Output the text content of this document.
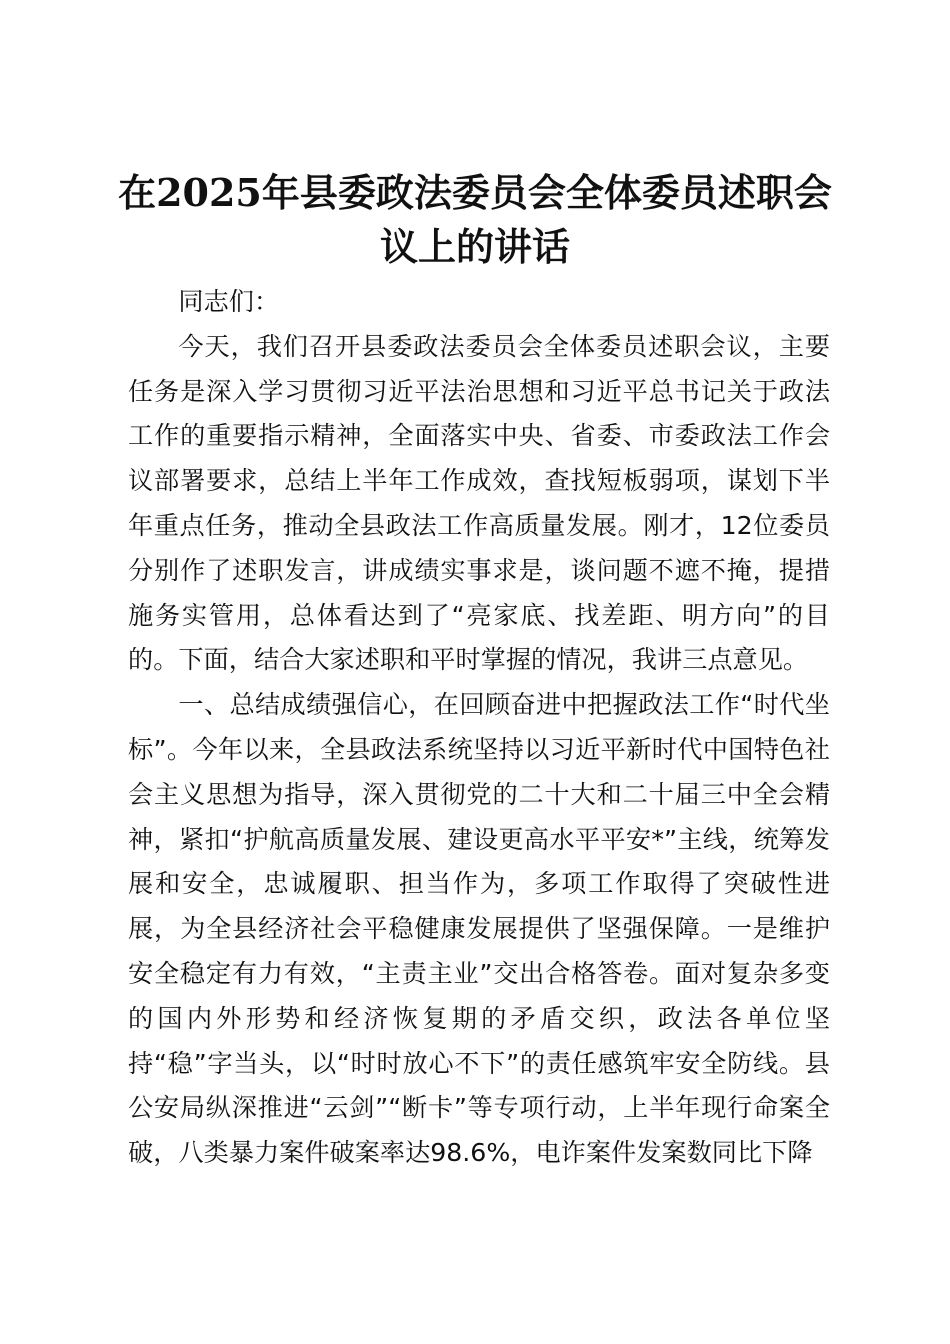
在2025年县委政法委员会全体委员述职会议上的讲话

同志们：

今天，我们召开县委政法委员会全体委员述职会议，主要任务是深入学习贯彻习近平法治思想和习近平总书记关于政法工作的重要指示精神，全面落实中央、省委、市委政法工作会议部署要求，总结上半年工作成效，查找短板弱项，谋划下半年重点任务，推动全县政法工作高质量发展。刚才，12位委员分别作了述职发言，讲成绩实事求是，谈问题不遮不掩，提措施务实管用，总体看达到了“亮家底、找差距、明方向”的目的。下面，结合大家述职和平时掌握的情况，我讲三点意见。

一、总结成绩强信心，在回顾奋进中把握政法工作“时代坐标”。今年以来，全县政法系统坚持以习近平新时代中国特色社会主义思想为指导，深入贯彻党的二十大和二十届三中全会精神，紧扣“护航高质量发展、建设更高水平平安*”主线，统筹发展和安全，忠诚履职、担当作为，多项工作取得了突破性进展，为全县经济社会平稳健康发展提供了坚强保障。一是维护安全稳定有力有效，“主责主业”交出合格答卷。面对复杂多变的国内外形势和经济恢复期的矛盾交织，政法各单位坚持“稳”字当头，以“时时放心不下”的责任感筑牢安全防线。县公安局纵深推进“云剑”“断卡”等专项行动，上半年现行命案全破，八类暴力案件破案率达98.6%，电诈案件发案数同比下降
